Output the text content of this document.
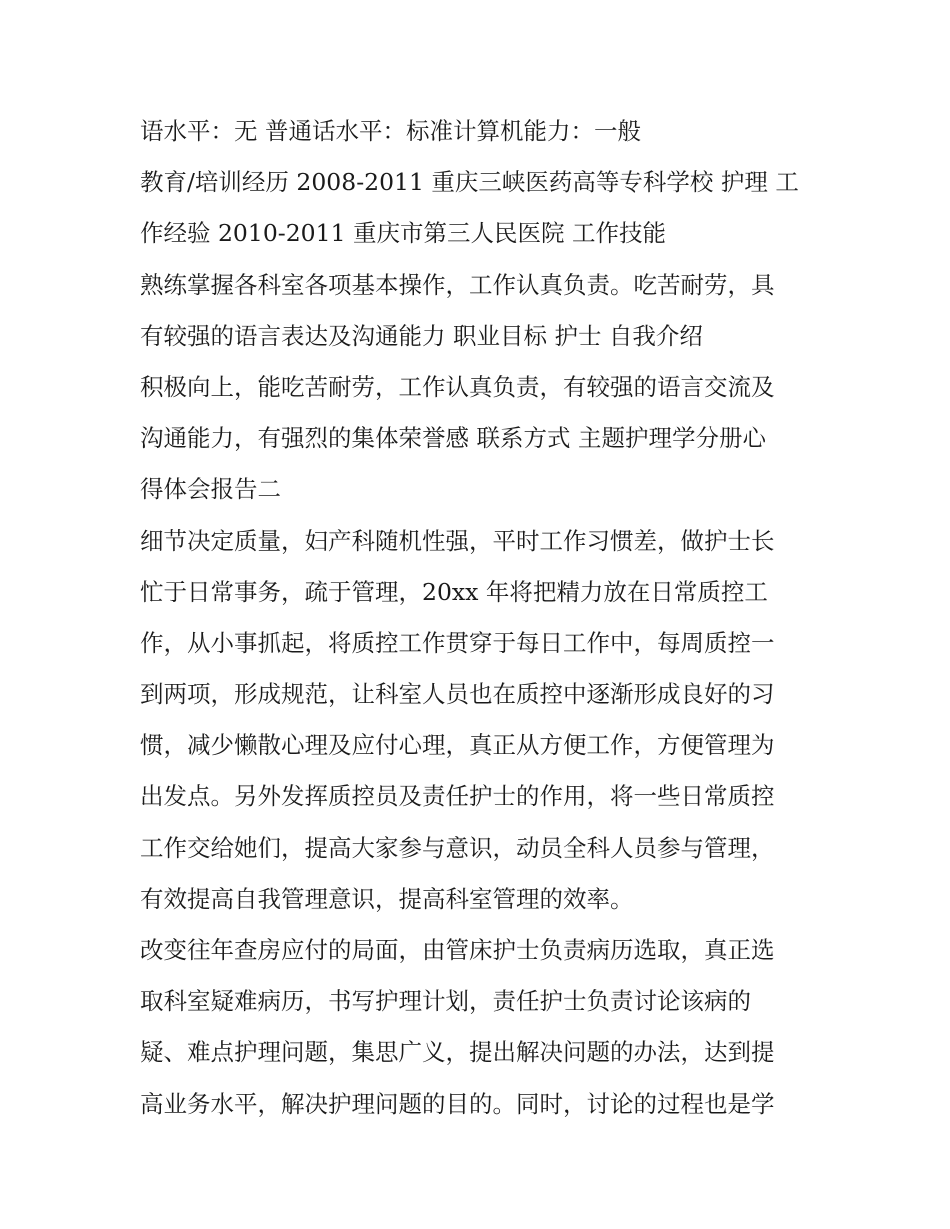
语水平：无 普通话水平：标准计算机能力：一般
教育/培训经历 2008-2011 重庆三峡医药高等专科学校 护理 工
作经验 2010-2011 重庆市第三人民医院 工作技能
熟练掌握各科室各项基本操作，工作认真负责。吃苦耐劳，具
有较强的语言表达及沟通能力 职业目标 护士 自我介绍
积极向上，能吃苦耐劳，工作认真负责，有较强的语言交流及
沟通能力，有强烈的集体荣誉感 联系方式 主题护理学分册心
得体会报告二
细节决定质量，妇产科随机性强，平时工作习惯差，做护士长
忙于日常事务，疏于管理，20xx 年将把精力放在日常质控工
作，从小事抓起，将质控工作贯穿于每日工作中，每周质控一
到两项，形成规范，让科室人员也在质控中逐渐形成良好的习
惯，减少懒散心理及应付心理，真正从方便工作，方便管理为
出发点。另外发挥质控员及责任护士的作用，将一些日常质控
工作交给她们，提高大家参与意识，动员全科人员参与管理，
有效提高自我管理意识，提高科室管理的效率。
改变往年查房应付的局面，由管床护士负责病历选取，真正选
取科室疑难病历，书写护理计划，责任护士负责讨论该病的
疑、难点护理问题，集思广义，提出解决问题的办法，达到提
高业务水平，解决护理问题的目的。同时，讨论的过程也是学
